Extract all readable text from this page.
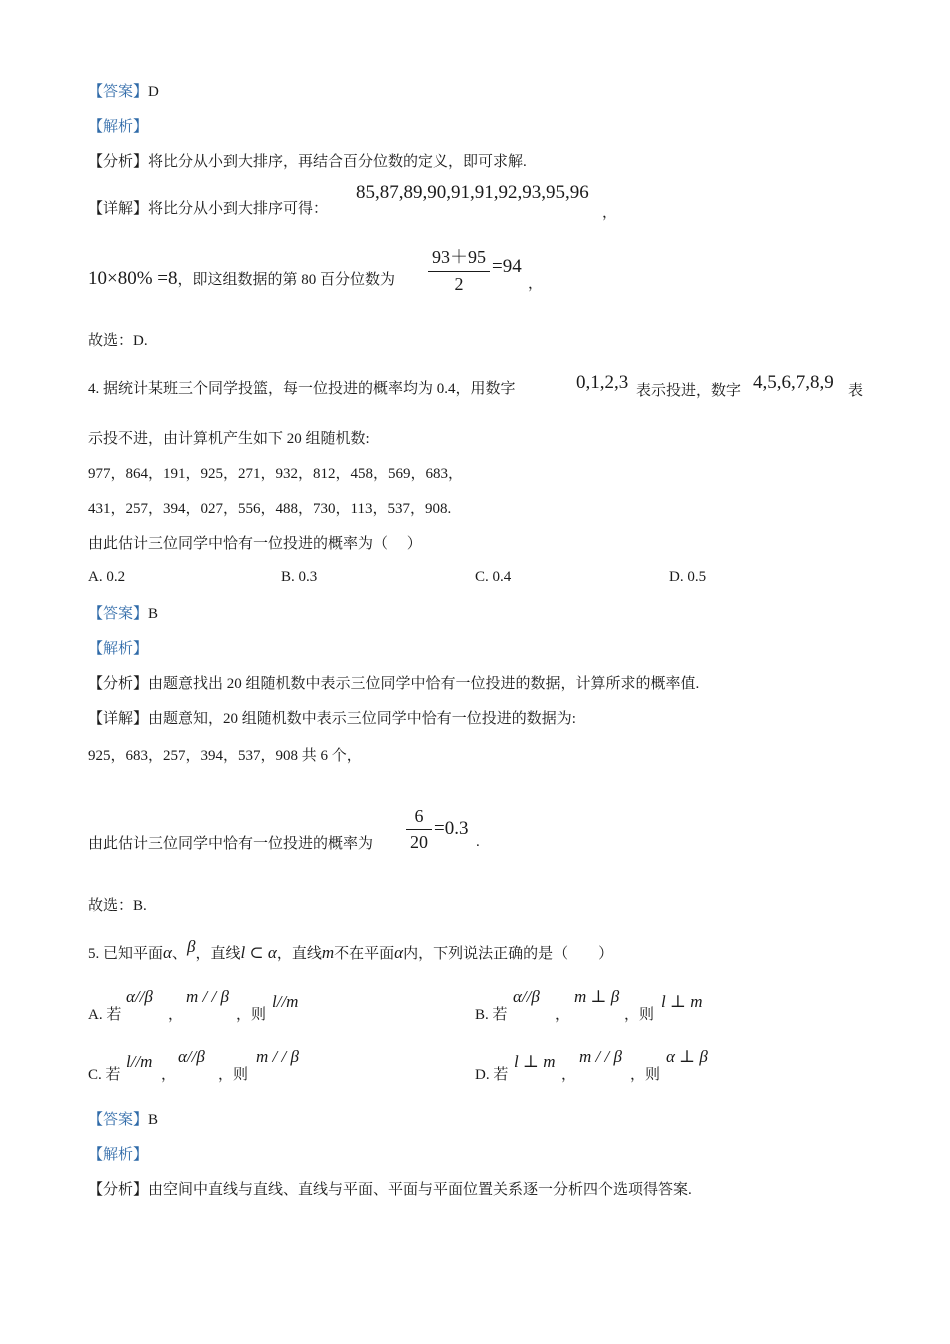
【答案】D
【解析】
【分析】将比分从小到大排序，再结合百分位数的定义，即可求解.
【详解】将比分从小到大排序可得：
85,87,89,90,91,91,92,93,95,96
，
10×80% =8，即这组数据的第 80 百分位数为 $\frac{93+95}{2} =94$
，
故选：D.
4. 据统计某班三个同学投篮，每一位投进的概率均为 0.4，用数字	0,1,2,3 表示投进，数字 4,5,6,7,8,9 表
示投不进，由计算机产生如下 20 组随机数:
977，864，191，925，271，932，812，458，569，683，
431，257，394，027，556，488，730，113，537，908.
由此估计三位同学中恰有一位投进的概率为（　 ）
A. 0.2	B. 0.3	C. 0.4	D. 0.5
【答案】B
【解析】
【分析】由题意找出 20 组随机数中表示三位同学中恰有一位投进的数据，计算所求的概率值.
【详解】由题意知，20 组随机数中表示三位同学中恰有一位投进的数据为:
925，683，257，394，537，908 共 6 个，
由此估计三位同学中恰有一位投进的概率为 $\frac{6}{20} =0.3$
.
故选：B.
5. 已知平面α、β，直线l ⊂ α，直线m不在平面α内，下列说法正确的是（　　）
A. 若
α//β
，
m / / β
，则
l//m
B. 若
α//β
，
m ⊥ β
，则
l ⊥ m
C. 若
l//m
，
α//β
，则
m / / β
D. 若
l ⊥ m
，
m / / β
，则
α ⊥ β
【答案】B
【解析】
【分析】由空间中直线与直线、直线与平面、平面与平面位置关系逐一分析四个选项得答案.
